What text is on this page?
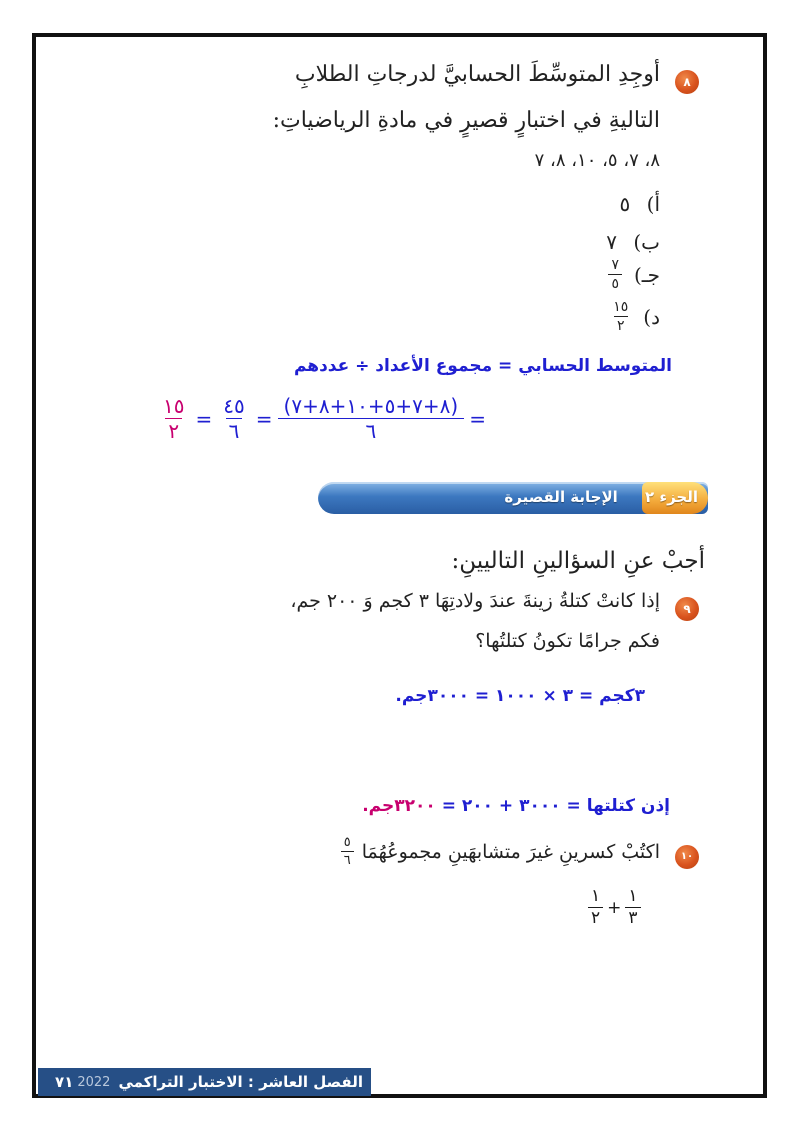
٨
أوجِدِ المتوسِّطَ الحسابيَّ لدرجاتِ الطلابِ
التاليةِ في اختبارٍ قصيرٍ في مادةِ الرياضياتِ:
٨، ٧، ٥، ١٠، ٨، ٧
أ) ٥
ب) ٧
جـ)
$\frac{٧}{٥}$
د)
$\frac{١٥}{٢}$
المتوسط الحسابي = مجموع الأعداد ÷ عددهم
$\frac{١٥}{٢} = \frac{٤٥}{٦} = \frac{(٨+٧+٥+١٠+٨+٧)}{٦}$ =
الجزء ٢ الإجابة القصيرة
أجبْ عنِ السؤالينِ التاليينِ:
٩
إذا كانتْ كتلةُ زينةَ عندَ ولادتِهَا ٣ كجم وَ ٢٠٠ جم،
فكم جرامًا تكونُ كتلتُها؟
٣كجم = ٣ × ١٠٠٠ = ٣٠٠٠جم.
إذن كتلتها = ٣٠٠٠ + ٢٠٠ = ٣٢٠٠جم.
١٠
اكتُبْ كسرينِ غيرَ متشابهَينِ مجموعُهُمَا
$\frac{٥}{٦}$
$\frac{١}{٢} + \frac{١}{٣}$
الفصل العاشر : الاختبار التراكمي
2022
٧١
